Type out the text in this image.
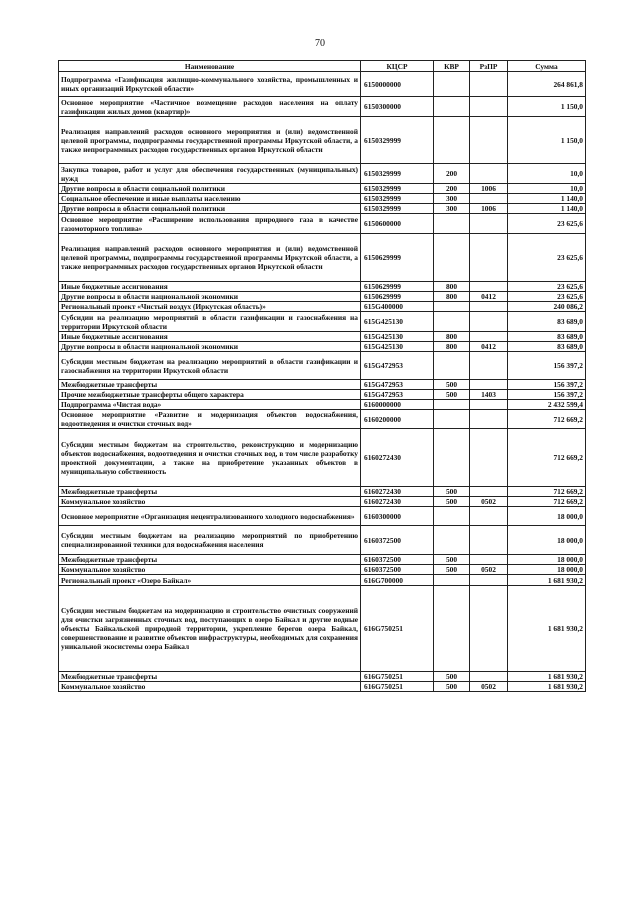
70
Наименование	КЦСР	КВР	РзПР	Сумма
Подпрограмма «Газификация жилищно-коммунального хозяйства, промышленных и иных организаций Иркутской области»	6150000000			264 861,8
Основное мероприятие «Частичное возмещение расходов населения на оплату газификации жилых домов (квартир)»	6150300000			1 150,0
Реализация направлений расходов основного мероприятия и (или) ведомственной целевой программы, подпрограммы государственной программы Иркутской области, а также непрограммных расходов государственных органов Иркутской области	6150329999			1 150,0
Закупка товаров, работ и услуг для обеспечения государственных (муниципальных) нужд	6150329999	200		10,0
Другие вопросы в области социальной политики	6150329999	200	1006	10,0
Социальное обеспечение и иные выплаты населению	6150329999	300		1 140,0
Другие вопросы в области социальной политики	6150329999	300	1006	1 140,0
Основное мероприятие «Расширение использования природного газа в качестве газомоторного топлива»	6150600000			23 625,6
Реализация направлений расходов основного мероприятия и (или) ведомственной целевой программы, подпрограммы государственной программы Иркутской области, а также непрограммных расходов государственных органов Иркутской области	6150629999			23 625,6
Иные бюджетные ассигнования	6150629999	800		23 625,6
Другие вопросы в области национальной экономики	6150629999	800	0412	23 625,6
Региональный проект «Чистый воздух (Иркутская область)»	615G400000			240 086,2
Субсидии на реализацию мероприятий в области газификации и газоснабжения на территории Иркутской области	615G425130			83 689,0
Иные бюджетные ассигнования	615G425130	800		83 689,0
Другие вопросы в области национальной экономики	615G425130	800	0412	83 689,0
Субсидии местным бюджетам на реализацию мероприятий в области газификации и газоснабжения на территории Иркутской области	615G472953			156 397,2
Межбюджетные трансферты	615G472953	500		156 397,2
Прочие межбюджетные трансферты общего характера	615G472953	500	1403	156 397,2
Подпрограмма «Чистая вода»	6160000000			2 432 599,4
Основное мероприятие «Развитие и модернизация объектов водоснабжения, водоотведения и очистки сточных вод»	6160200000			712 669,2
Субсидии местным бюджетам на строительство, реконструкцию и модернизацию объектов водоснабжения, водоотведения и очистки сточных вод, в том числе разработку проектной документации, а также на приобретение указанных объектов в муниципальную собственность	6160272430			712 669,2
Межбюджетные трансферты	6160272430	500		712 669,2
Коммунальное хозяйство	6160272430	500	0502	712 669,2
Основное мероприятие «Организация нецентрализованного холодного водоснабжения»	6160300000			18 000,0
Субсидии местным бюджетам на реализацию мероприятий по приобретению специализированной техники для водоснабжения населения	6160372500			18 000,0
Межбюджетные трансферты	6160372500	500		18 000,0
Коммунальное хозяйство	6160372500	500	0502	18 000,0
Региональный проект «Озеро Байкал»	616G700000			1 681 930,2
Субсидии местным бюджетам на модернизацию и строительство очистных сооружений для очистки загрязненных сточных вод, поступающих в озеро Байкал и другие водные объекты Байкальской природной территории, укрепление берегов озера Байкал, совершенствование и развитие объектов инфраструктуры, необходимых для сохранения уникальной экосистемы озера Байкал	616G750251			1 681 930,2
Межбюджетные трансферты	616G750251	500		1 681 930,2
Коммунальное хозяйство	616G750251	500	0502	1 681 930,2
